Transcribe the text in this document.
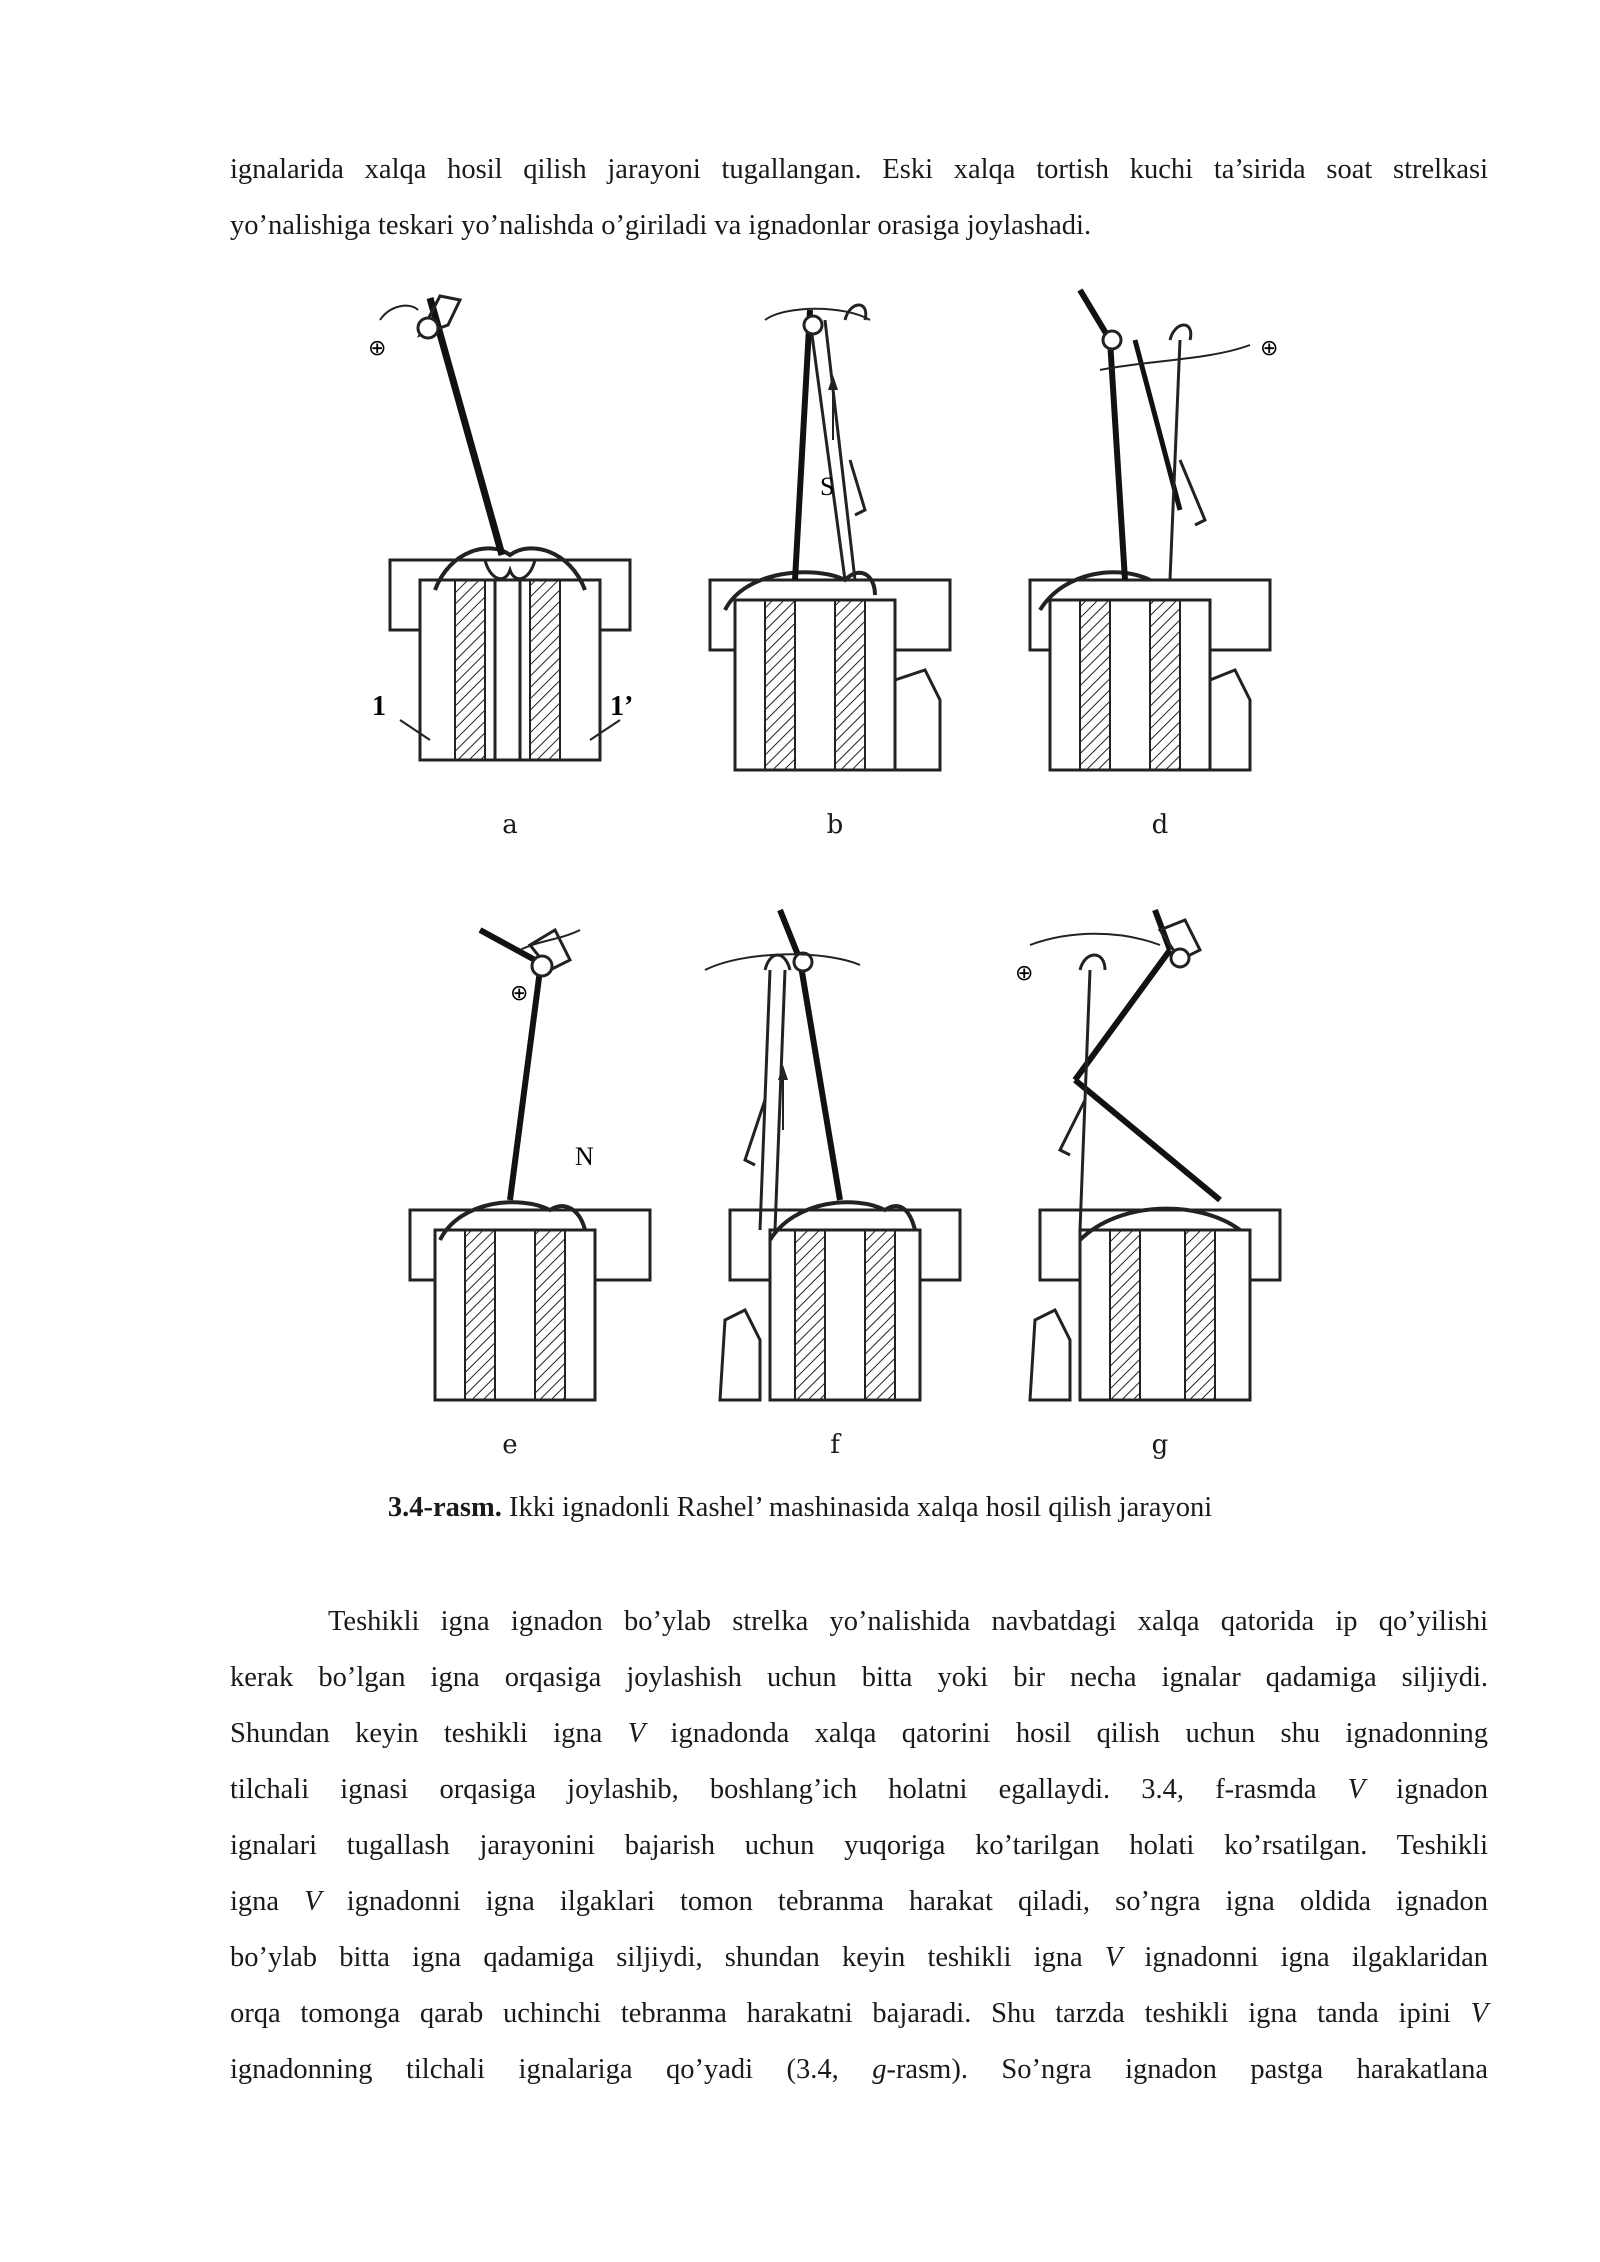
ignalarida xalqa hosil qilish jarayoni tugallangan. Eski xalqa tortish kuchi ta’sirida soat strelkasi
yo’nalishiga teskari yo’nalishda o’giriladi va ignadonlar orasiga joylashadi.
⊕
1	1’
a
S
b
⊕
d
⊕
N
e	f
⊕
g
3.4-rasm. Ikki ignadonli Rashel’ mashinasida xalqa hosil qilish jarayoni
Teshikli igna ignadon bo’ylab strelka yo’nalishida navbatdagi xalqa qatorida ip qo’yilishi
kerak bo’lgan igna orqasiga joylashish uchun bitta yoki bir necha ignalar qadamiga siljiydi.
Shundan keyin teshikli igna V ignadonda xalqa qatorini hosil qilish uchun shu ignadonning
tilchali ignasi orqasiga joylashib, boshlang’ich holatni egallaydi. 3.4, f-rasmda V ignadon
ignalari tugallash jarayonini bajarish uchun yuqoriga ko’tarilgan holati ko’rsatilgan. Teshikli
igna V ignadonni igna ilgaklari tomon tebranma harakat qiladi, so’ngra igna oldida ignadon
bo’ylab bitta igna qadamiga siljiydi, shundan keyin teshikli igna V ignadonni igna ilgaklaridan
orqa tomonga qarab uchinchi tebranma harakatni bajaradi. Shu tarzda teshikli igna tanda ipini V
ignadonning tilchali ignalariga qo’yadi (3.4, g-rasm). So’ngra ignadon pastga harakatlana
